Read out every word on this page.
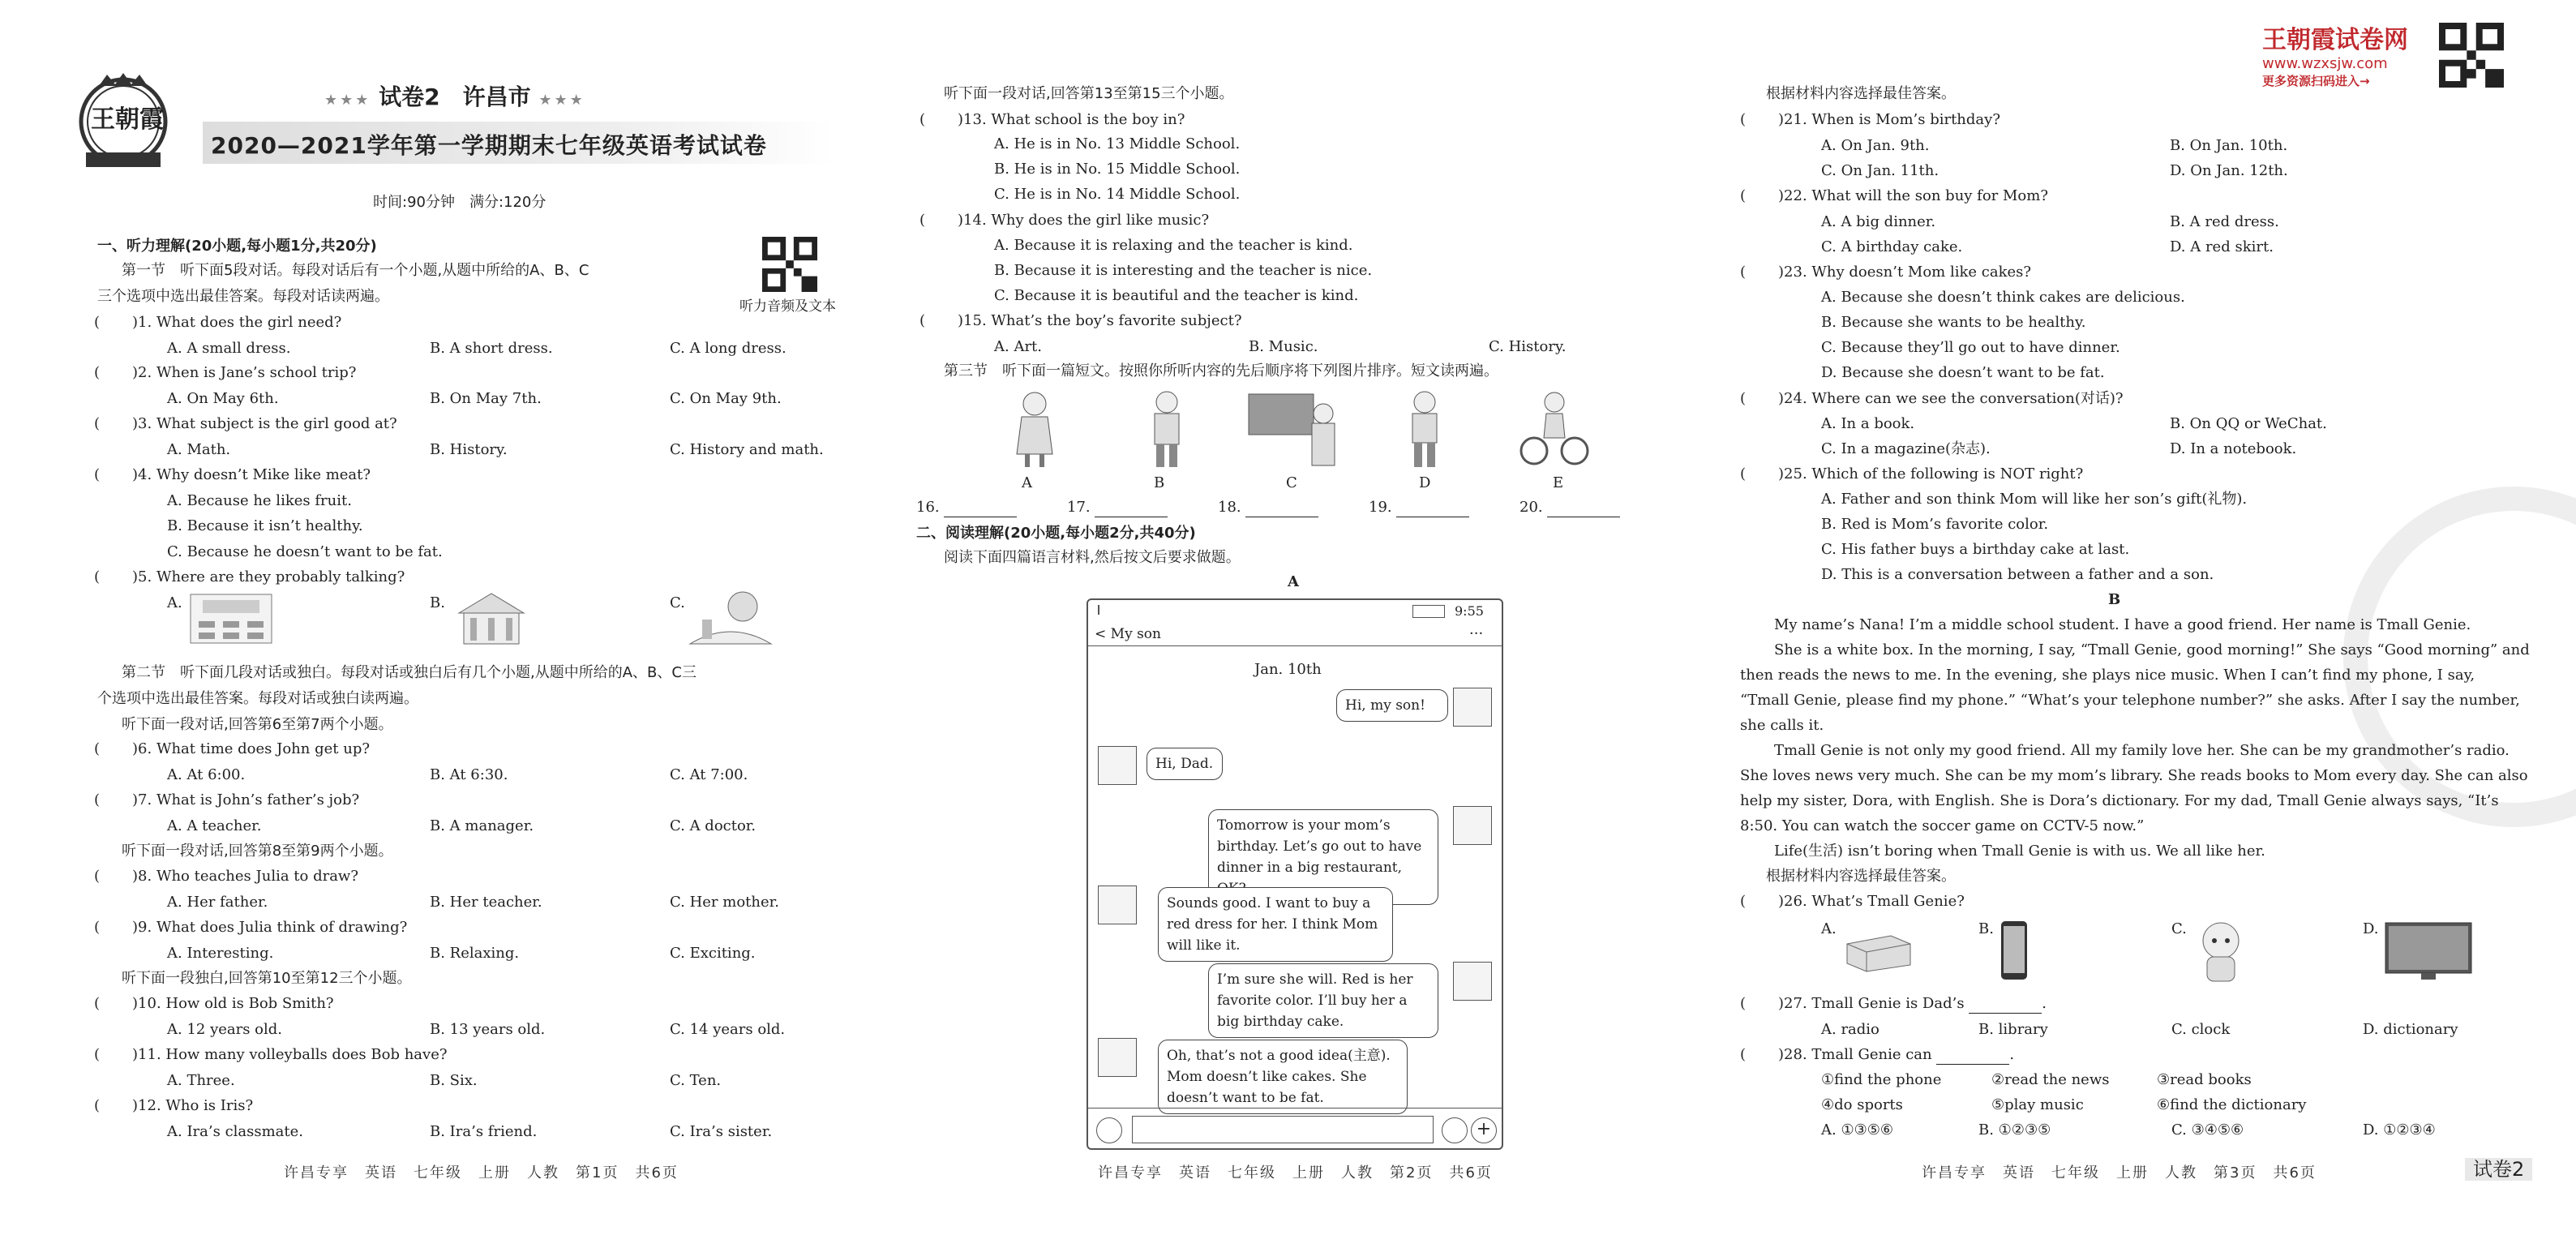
王朝霞
★★★ 试卷2　许昌市 ★★★
2020—2021学年第一学期期末七年级英语考试试卷
时间:90分钟　满分:120分
听力音频及文本
一、听力理解(20小题,每小题1分,共20分)
第一节　听下面5段对话。每段对话后有一个小题,从题中所给的A、B、C
三个选项中选出最佳答案。每段对话读两遍。
( )1. What does the girl need?
A. A small dress.	B. A short dress.	C. A long dress.
( )2. When is Jane’s school trip?
A. On May 6th.	B. On May 7th.	C. On May 9th.
( )3. What subject is the girl good at?
A. Math.	B. History.	C. History and math.
( )4. Why doesn’t Mike like meat?
A. Because he likes fruit.
B. Because it isn’t healthy.
C. Because he doesn’t want to be fat.
( )5. Where are they probably talking?
A.	B.	C.
第二节　听下面几段对话或独白。每段对话或独白后有几个小题,从题中所给的A、B、C三
个选项中选出最佳答案。每段对话或独白读两遍。
听下面一段对话,回答第6至第7两个小题。
( )6. What time does John get up?
A. At 6:00.	B. At 6:30.	C. At 7:00.
( )7. What is John’s father’s job?
A. A teacher.	B. A manager.	C. A doctor.
听下面一段对话,回答第8至第9两个小题。
( )8. Who teaches Julia to draw?
A. Her father.	B. Her teacher.	C. Her mother.
( )9. What does Julia think of drawing?
A. Interesting.	B. Relaxing.	C. Exciting.
听下面一段独白,回答第10至第12三个小题。
( )10. How old is Bob Smith?
A. 12 years old.	B. 13 years old.	C. 14 years old.
( )11. How many volleyballs does Bob have?
A. Three.	B. Six.	C. Ten.
( )12. Who is Iris?
A. Ira’s classmate.	B. Ira’s friend.	C. Ira’s sister.
许昌专享　英语　七年级　上册　人教　第1页　共6页
听下面一段对话,回答第13至第15三个小题。
( )13. What school is the boy in?
A. He is in No. 13 Middle School.
B. He is in No. 15 Middle School.
C. He is in No. 14 Middle School.
( )14. Why does the girl like music?
A. Because it is relaxing and the teacher is kind.
B. Because it is interesting and the teacher is nice.
C. Because it is beautiful and the teacher is kind.
( )15. What’s the boy’s favorite subject?
A. Art.	B. Music.	C. History.
第三节　听下面一篇短文。按照你所听内容的先后顺序将下列图片排序。短文读两遍。
A	B	C	D	E
16.	17.	18.	19.	20.
二、阅读理解(20小题,每小题2分,共40分)
阅读下面四篇语言材料,然后按文后要求做题。
A
9:55
< My son	···
Jan. 10th
Hi, my son!
Hi, Dad.
Tomorrow is your mom’s birthday. Let’s go out to have dinner in a big restaurant,
Sounds good. I want to buy a red dress for her. I think Mom will like it.
I’m sure she will. Red is her favorite color. I’ll buy her a big birthday cake.
Oh, that’s not a good idea(主意). Mom doesn’t like cakes. She doesn’t want to be fat.
+
许昌专享　英语　七年级　上册　人教　第2页　共6页
王朝霞试卷网
www.wzxsjw.com
更多资源扫码进入→
根据材料内容选择最佳答案。
( )21. When is Mom’s birthday?
A. On Jan. 9th.	B. On Jan. 10th.
C. On Jan. 11th.	D. On Jan. 12th.
( )22. What will the son buy for Mom?
A. A big dinner.	B. A red dress.
C. A birthday cake.	D. A red skirt.
( )23. Why doesn’t Mom like cakes?
A. Because she doesn’t think cakes are delicious.
B. Because she wants to be healthy.
C. Because they’ll go out to have dinner.
D. Because she doesn’t want to be fat.
( )24. Where can we see the conversation(对话)?
A. In a book.	B. On QQ or WeChat.
C. In a magazine(杂志).	D. In a notebook.
( )25. Which of the following is NOT right?
A. Father and son think Mom will like her son’s gift(礼物).
B. Red is Mom’s favorite color.
C. His father buys a birthday cake at last.
D. This is a conversation between a father and a son.
B
My name’s Nana! I’m a middle school student. I have a good friend. Her name is Tmall Genie.
She is a white box. In the morning, I say, “Tmall Genie, good morning!” She says “Good morning” and
then reads the news to me. In the evening, she plays nice music. When I can’t find my phone, I say,
“Tmall Genie, please find my phone.” “What’s your telephone number?” she asks. After I say the number,
she calls it.
Tmall Genie is not only my good friend. All my family love her. She can be my grandmother’s radio.
She loves news very much. She can be my mom’s library. She reads books to Mom every day. She can also
help my sister, Dora, with English. She is Dora’s dictionary. For my dad, Tmall Genie always says, “It’s
8:50. You can watch the soccer game on CCTV-5 now.”
Life(生活) isn’t boring when Tmall Genie is with us. We all like her.
根据材料内容选择最佳答案。
( )26. What’s Tmall Genie?
A.	B.	C.	D.
( )27. Tmall Genie is Dad’s	.
A. radio	B. library	C. clock	D. dictionary
( )28. Tmall Genie can	.
①find the phone	②read the news	③read books
④do sports	⑤play music	⑥find the dictionary
A. ①③⑤⑥	B. ①②③⑤	C. ③④⑤⑥	D. ①②③④
许昌专享　英语　七年级　上册　人教　第3页　共6页	试卷2
